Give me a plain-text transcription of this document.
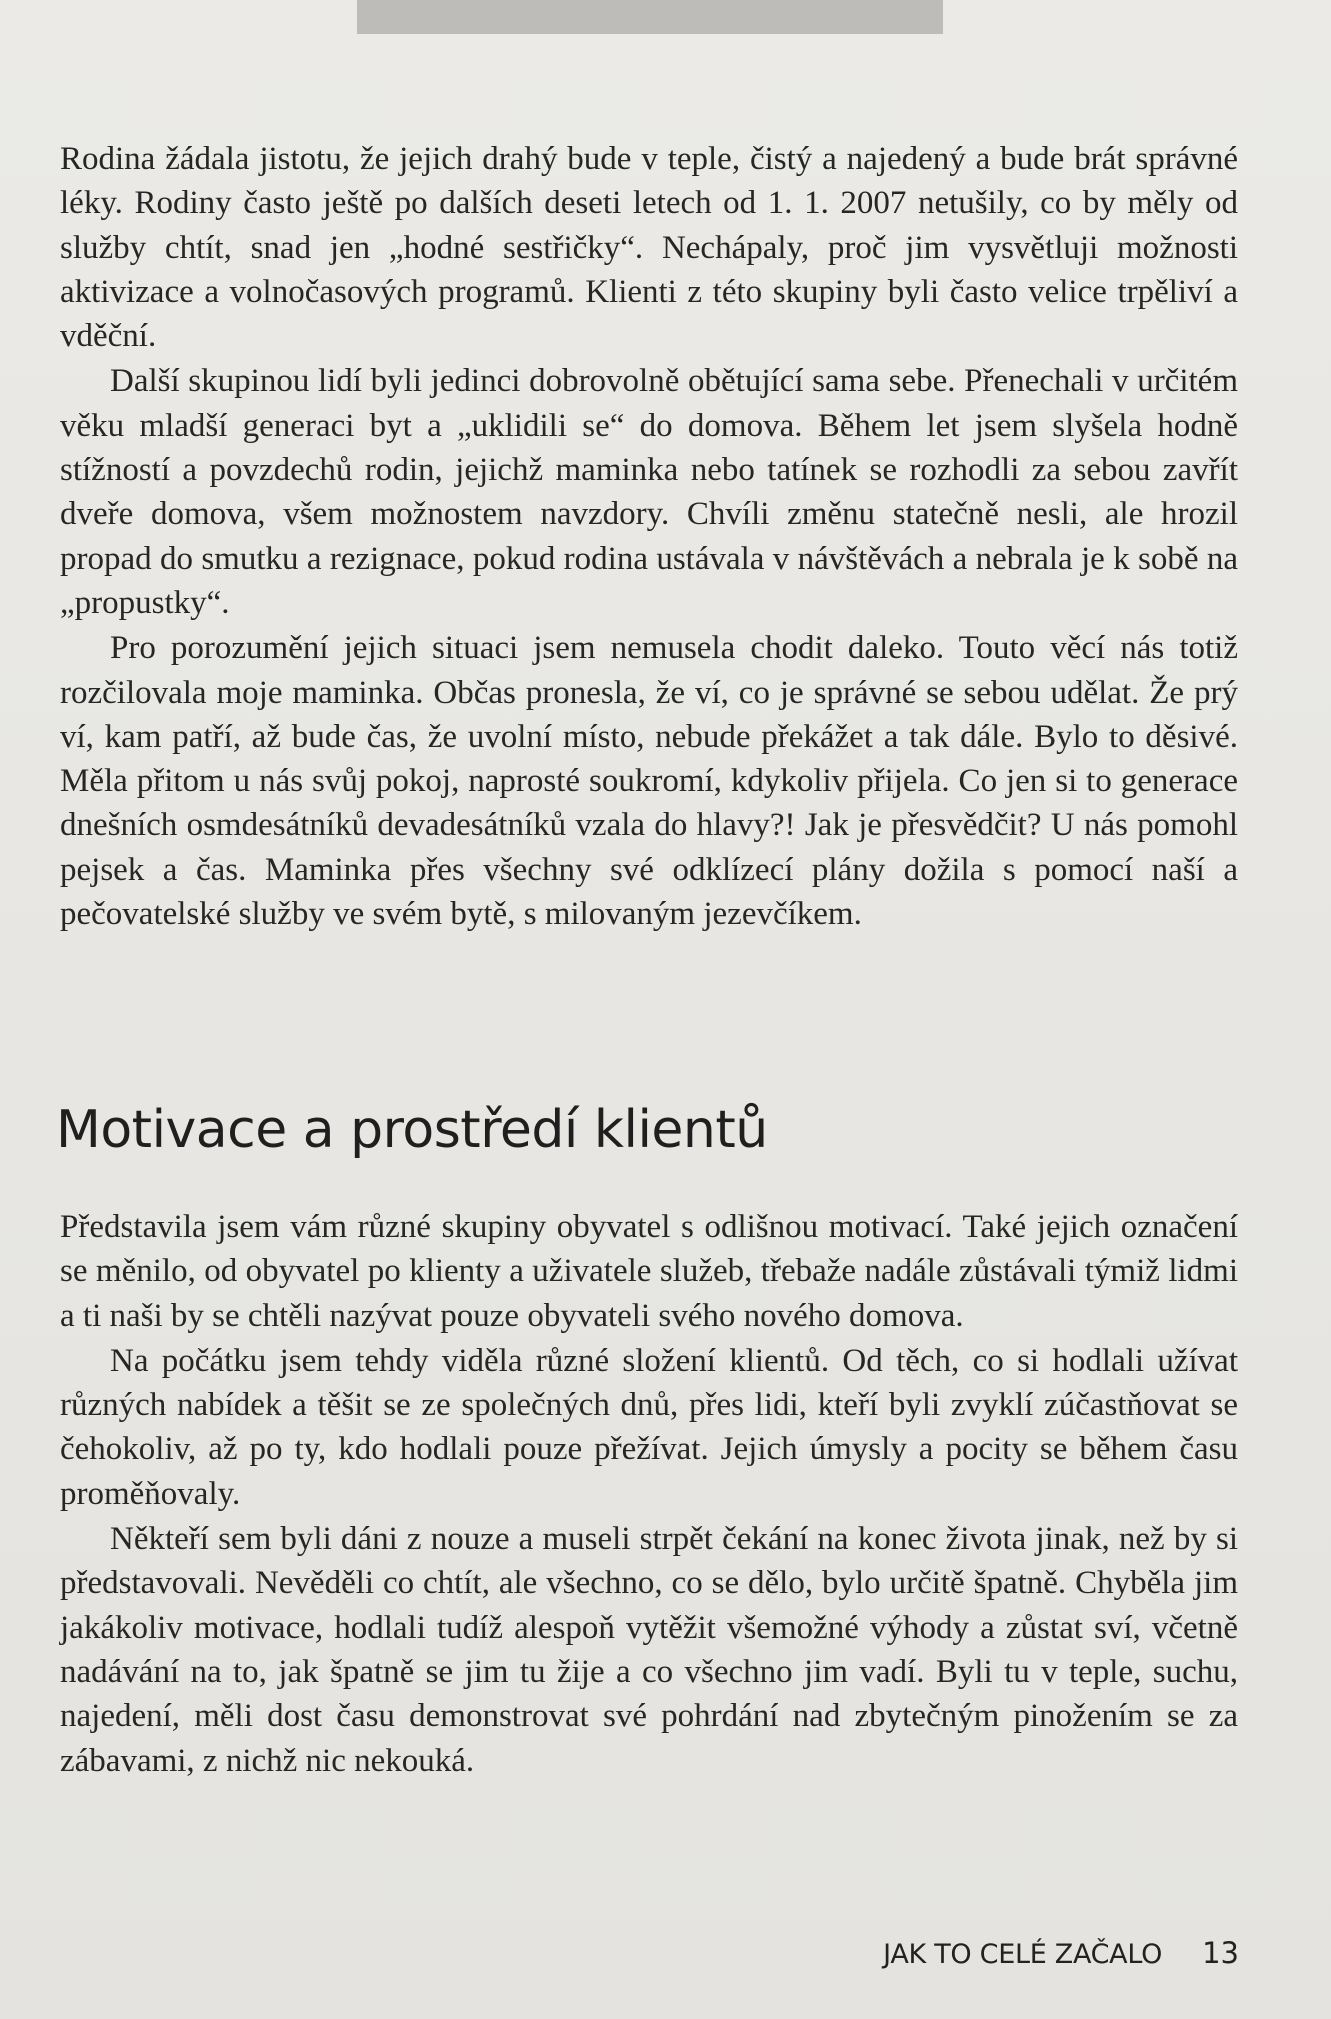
Rodina žádala jistotu, že jejich drahý bude v teple, čistý a najedený a bude brát správné léky. Rodiny často ještě po dalších deseti letech od 1. 1. 2007 netušily, co by měly od služby chtít, snad jen „hodné sestřičky“. Nechápaly, proč jim vysvětluji možnosti aktivizace a volnočasových programů. Klienti z této skupiny byli často velice trpěliví a vděční.

Další skupinou lidí byli jedinci dobrovolně obětující sama sebe. Přenechali v určitém věku mladší generaci byt a „uklidili se“ do domova. Během let jsem slyšela hodně stížností a povzdechů rodin, jejichž maminka nebo tatínek se rozhodli za sebou zavřít dveře domova, všem možnostem navzdory. Chvíli změnu statečně nesli, ale hrozil propad do smutku a rezignace, pokud rodina ustávala v návštěvách a nebrala je k sobě na „propustky“.

Pro porozumění jejich situaci jsem nemusela chodit daleko. Touto věcí nás totiž rozčilovala moje maminka. Občas pronesla, že ví, co je správné se sebou udělat. Že prý ví, kam patří, až bude čas, že uvolní místo, nebude překážet a tak dále. Bylo to děsivé. Měla přitom u nás svůj pokoj, naprosté soukromí, kdykoliv přijela. Co jen si to generace dnešních osmdesátníků devadesátníků vzala do hlavy?! Jak je přesvědčit? U nás pomohl pejsek a čas. Maminka přes všechny své odklízecí plány dožila s pomocí naší a pečovatelské služby ve svém bytě, s milovaným jezevčíkem.

Motivace a prostředí klientů

Představila jsem vám různé skupiny obyvatel s odlišnou motivací. Také jejich označení se měnilo, od obyvatel po klienty a uživatele služeb, třebaže nadále zůstávali týmiž lidmi a ti naši by se chtěli nazývat pouze obyvateli svého nového domova.

Na počátku jsem tehdy viděla různé složení klientů. Od těch, co si hodlali užívat různých nabídek a těšit se ze společných dnů, přes lidi, kteří byli zvyklí zúčastňovat se čehokoliv, až po ty, kdo hodlali pouze přežívat. Jejich úmysly a pocity se během času proměňovaly.

Někteří sem byli dáni z nouze a museli strpět čekání na konec života jinak, než by si představovali. Nevěděli co chtít, ale všechno, co se dělo, bylo určitě špatně. Chyběla jim jakákoliv motivace, hodlali tudíž alespoň vytěžit všemožné výhody a zůstat sví, včetně nadávání na to, jak špatně se jim tu žije a co všechno jim vadí. Byli tu v teple, suchu, najedení, měli dost času demonstrovat své pohrdání nad zbytečným pinožením se za zábavami, z nichž nic nekouká.

JAK TO CELÉ ZAČALO 13
